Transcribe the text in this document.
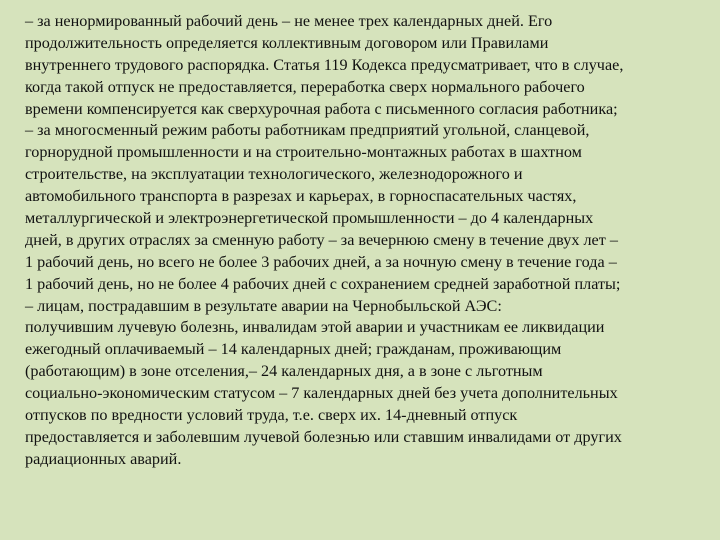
– за ненормированный рабочий день – не менее трех календарных дней. Его
продолжительность определяется коллективным договором или Правилами
внутреннего трудового распорядка. Статья 119 Кодекса предусматривает, что в случае,
когда такой отпуск не предоставляется, переработка сверх нормального рабочего
времени компенсируется как сверхурочная работа с письменного согласия работника;
– за многосменный режим работы работникам предприятий угольной, сланцевой,
горнорудной промышленности и на строительно-монтажных работах в шахтном
строительстве, на эксплуатации технологического, железнодорожного и
автомобильного транспорта в разрезах и карьерах, в горноспасательных частях,
металлургической и электроэнергетической промышленности – до 4 календарных
дней, в других отраслях за сменную работу – за вечернюю смену в течение двух лет –
1 рабочий день, но всего не более 3 рабочих дней, а за ночную смену в течение года –
1 рабочий день, но не более 4 рабочих дней с сохранением средней заработной платы;
– лицам, пострадавшим в результате аварии на Чернобыльской АЭС:
получившим лучевую болезнь, инвалидам этой аварии и участникам ее ликвидации
ежегодный оплачиваемый – 14 календарных дней; гражданам, проживающим
(работающим) в зоне отселения,– 24 календарных дня, а в зоне с льготным
социально-экономическим статусом – 7 календарных дней без учета дополнительных
отпусков по вредности условий труда, т.е. сверх их. 14-дневный отпуск
предоставляется и заболевшим лучевой болезнью или ставшим инвалидами от других
радиационных аварий.
